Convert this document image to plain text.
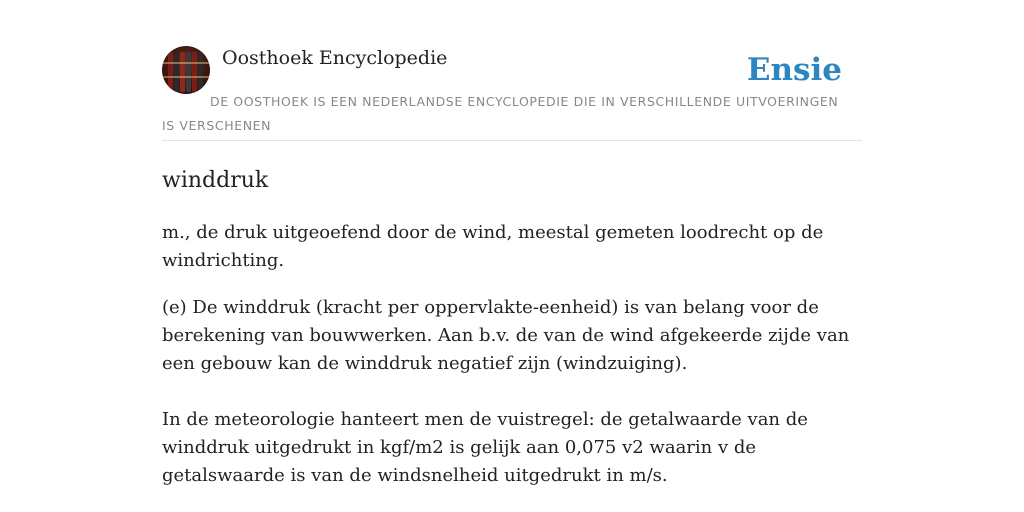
Oosthoek Encyclopedie	Ensie
DE OOSTHOEK IS EEN NEDERLANDSE ENCYCLOPEDIE DIE IN VERSCHILLENDE UITVOERINGEN IS VERSCHENEN
winddruk

m., de druk uitgeoefend door de wind, meestal gemeten loodrecht op de windrichting.

(e) De winddruk (kracht per oppervlakte-eenheid) is van belang voor de berekening van bouwwerken. Aan b.v. de van de wind afgekeerde zijde van een gebouw kan de winddruk negatief zijn (windzuiging).

In de meteorologie hanteert men de vuistregel: de getalwaarde van de winddruk uitgedrukt in kgf/m2 is gelijk aan 0,075 v2 waarin v de getalswaarde is van de windsnelheid uitgedrukt in m/s.
